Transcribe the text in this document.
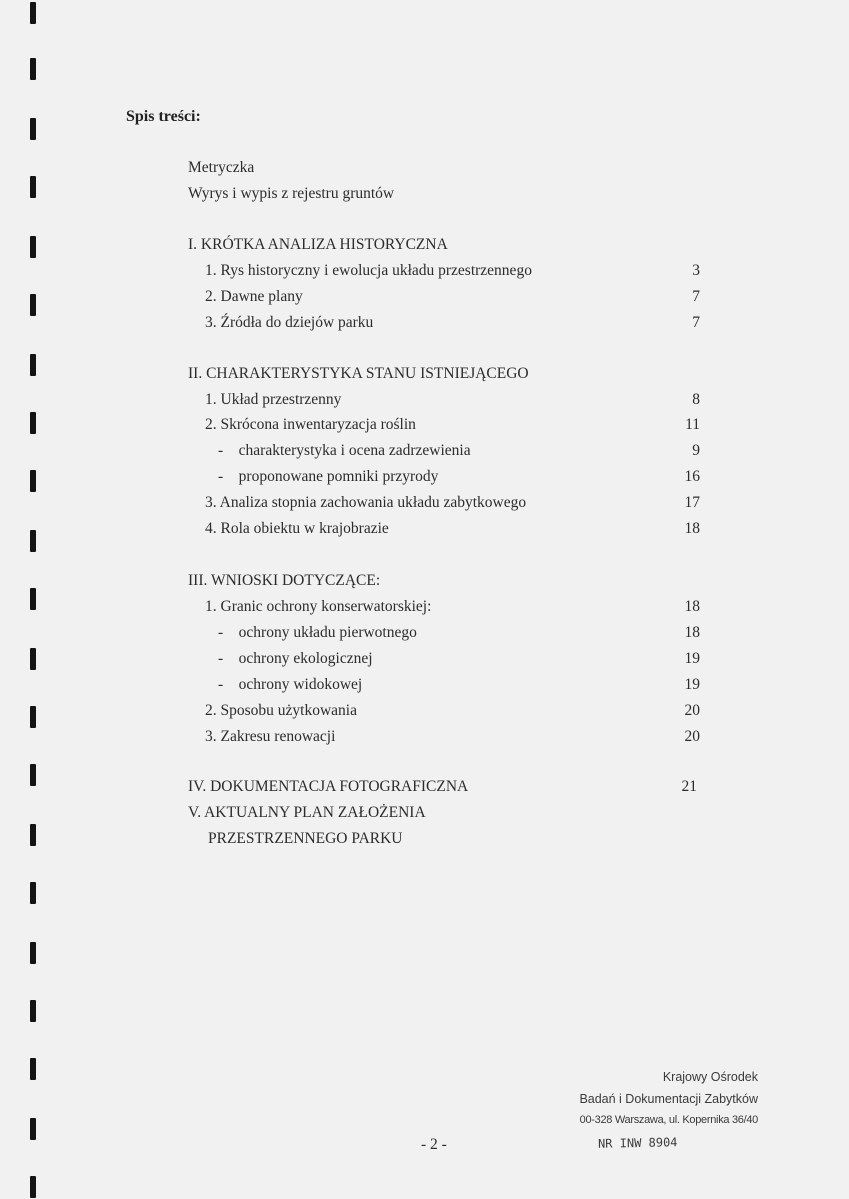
Spis treści:
Metryczka
Wyrys i wypis z rejestru gruntów
I. KRÓTKA ANALIZA HISTORYCZNA
1. Rys historyczny i ewolucja układu przestrzennego	3
2. Dawne plany	7
3. Źródła do dziejów parku	7
II. CHARAKTERYSTYKA STANU ISTNIEJĄCEGO
1. Układ przestrzenny	8
2. Skrócona inwentaryzacja roślin	11
-    charakterystyka i ocena zadrzewienia	9
-    proponowane pomniki przyrody	16
3. Analiza stopnia zachowania układu zabytkowego	17
4. Rola obiektu w krajobrazie	18
III. WNIOSKI DOTYCZĄCE:
1. Granic ochrony konserwatorskiej:	18
-    ochrony układu pierwotnego	18
-    ochrony ekologicznej	19
-    ochrony widokowej	19
2. Sposobu użytkowania	20
3. Zakresu renowacji	20
IV. DOKUMENTACJA FOTOGRAFICZNA	21
V. AKTUALNY PLAN ZAŁOŻENIA
PRZESTRZENNEGO PARKU
Krajowy Ośrodek
Badań i Dokumentacji Zabytków
00-328 Warszawa, ul. Kopernika 36/40
- 2 -	NR INW 8904
